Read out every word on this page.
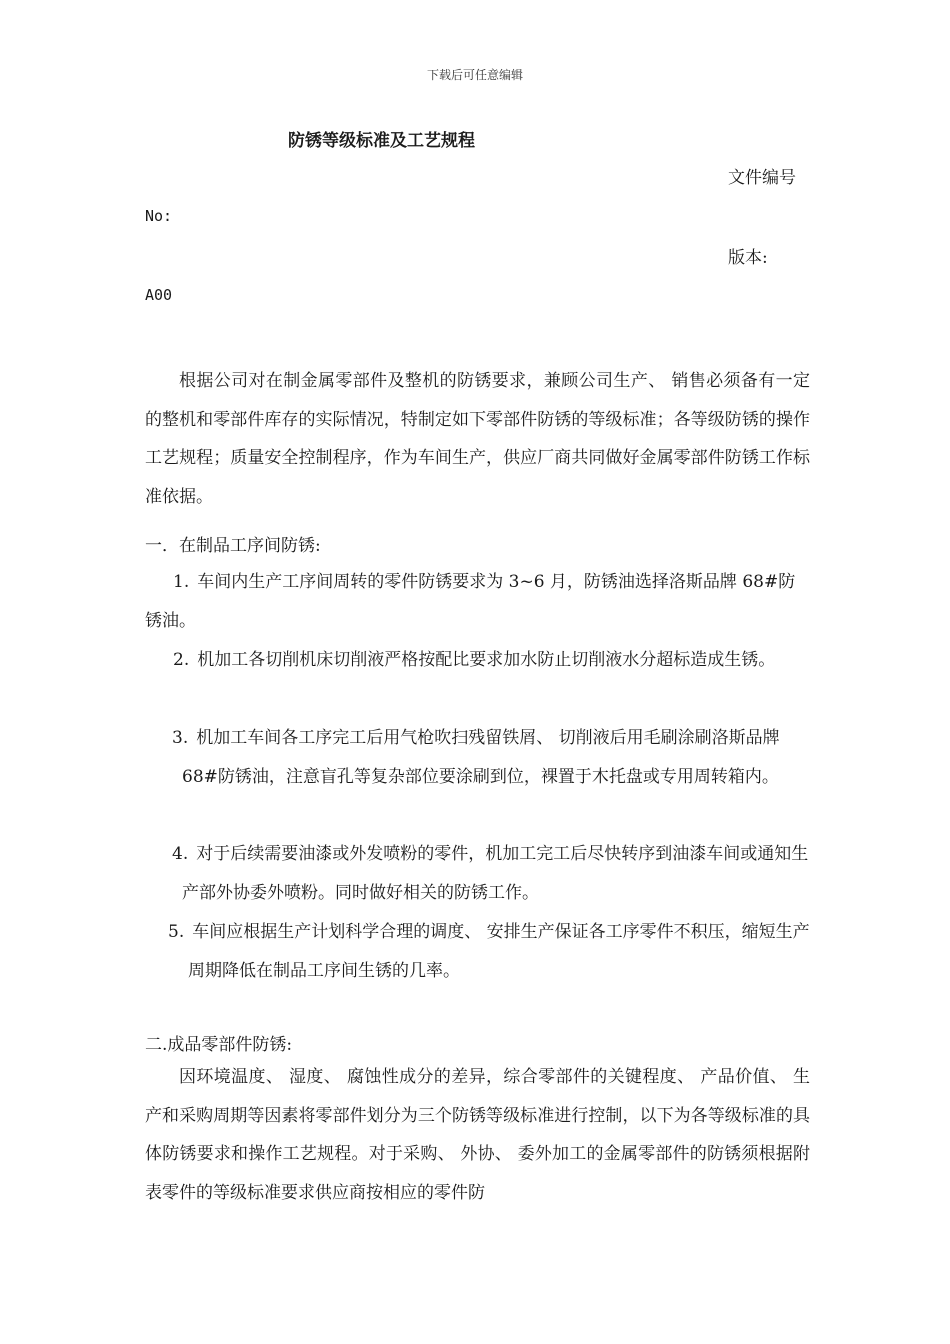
下载后可任意编辑
防锈等级标准及工艺规程
文件编号
No:
版本:
A00

根据公司对在制金属零部件及整机的防锈要求，兼顾公司生产、 销售必须备有一定的整机和零部件库存的实际情况，特制定如下零部件防锈的等级标准；各等级防锈的操作工艺规程；质量安全控制程序，作为车间生产，供应厂商共同做好金属零部件防锈工作标准依据。

一．在制品工序间防锈:

1. 车间内生产工序间周转的零件防锈要求为 3~6 月，防锈油选择洛斯品牌 68#防锈油。

2. 机加工各切削机床切削液严格按配比要求加水防止切削液水分超标造成生锈。

3. 机加工车间各工序完工后用气枪吹扫残留铁屑、 切削液后用毛刷涂刷洛斯品牌 68#防锈油，注意盲孔等复杂部位要涂刷到位，裸置于木托盘或专用周转箱内。

4. 对于后续需要油漆或外发喷粉的零件，机加工完工后尽快转序到油漆车间或通知生产部外协委外喷粉。同时做好相关的防锈工作。

5. 车间应根据生产计划科学合理的调度、 安排生产保证各工序零件不积压，缩短生产周期降低在制品工序间生锈的几率。

二.成品零部件防锈:

因环境温度、 湿度、 腐蚀性成分的差异，综合零部件的关键程度、 产品价值、 生产和采购周期等因素将零部件划分为三个防锈等级标准进行控制，以下为各等级标准的具体防锈要求和操作工艺规程。对于采购、 外协、 委外加工的金属零部件的防锈须根据附表零件的等级标准要求供应商按相应的零件防
